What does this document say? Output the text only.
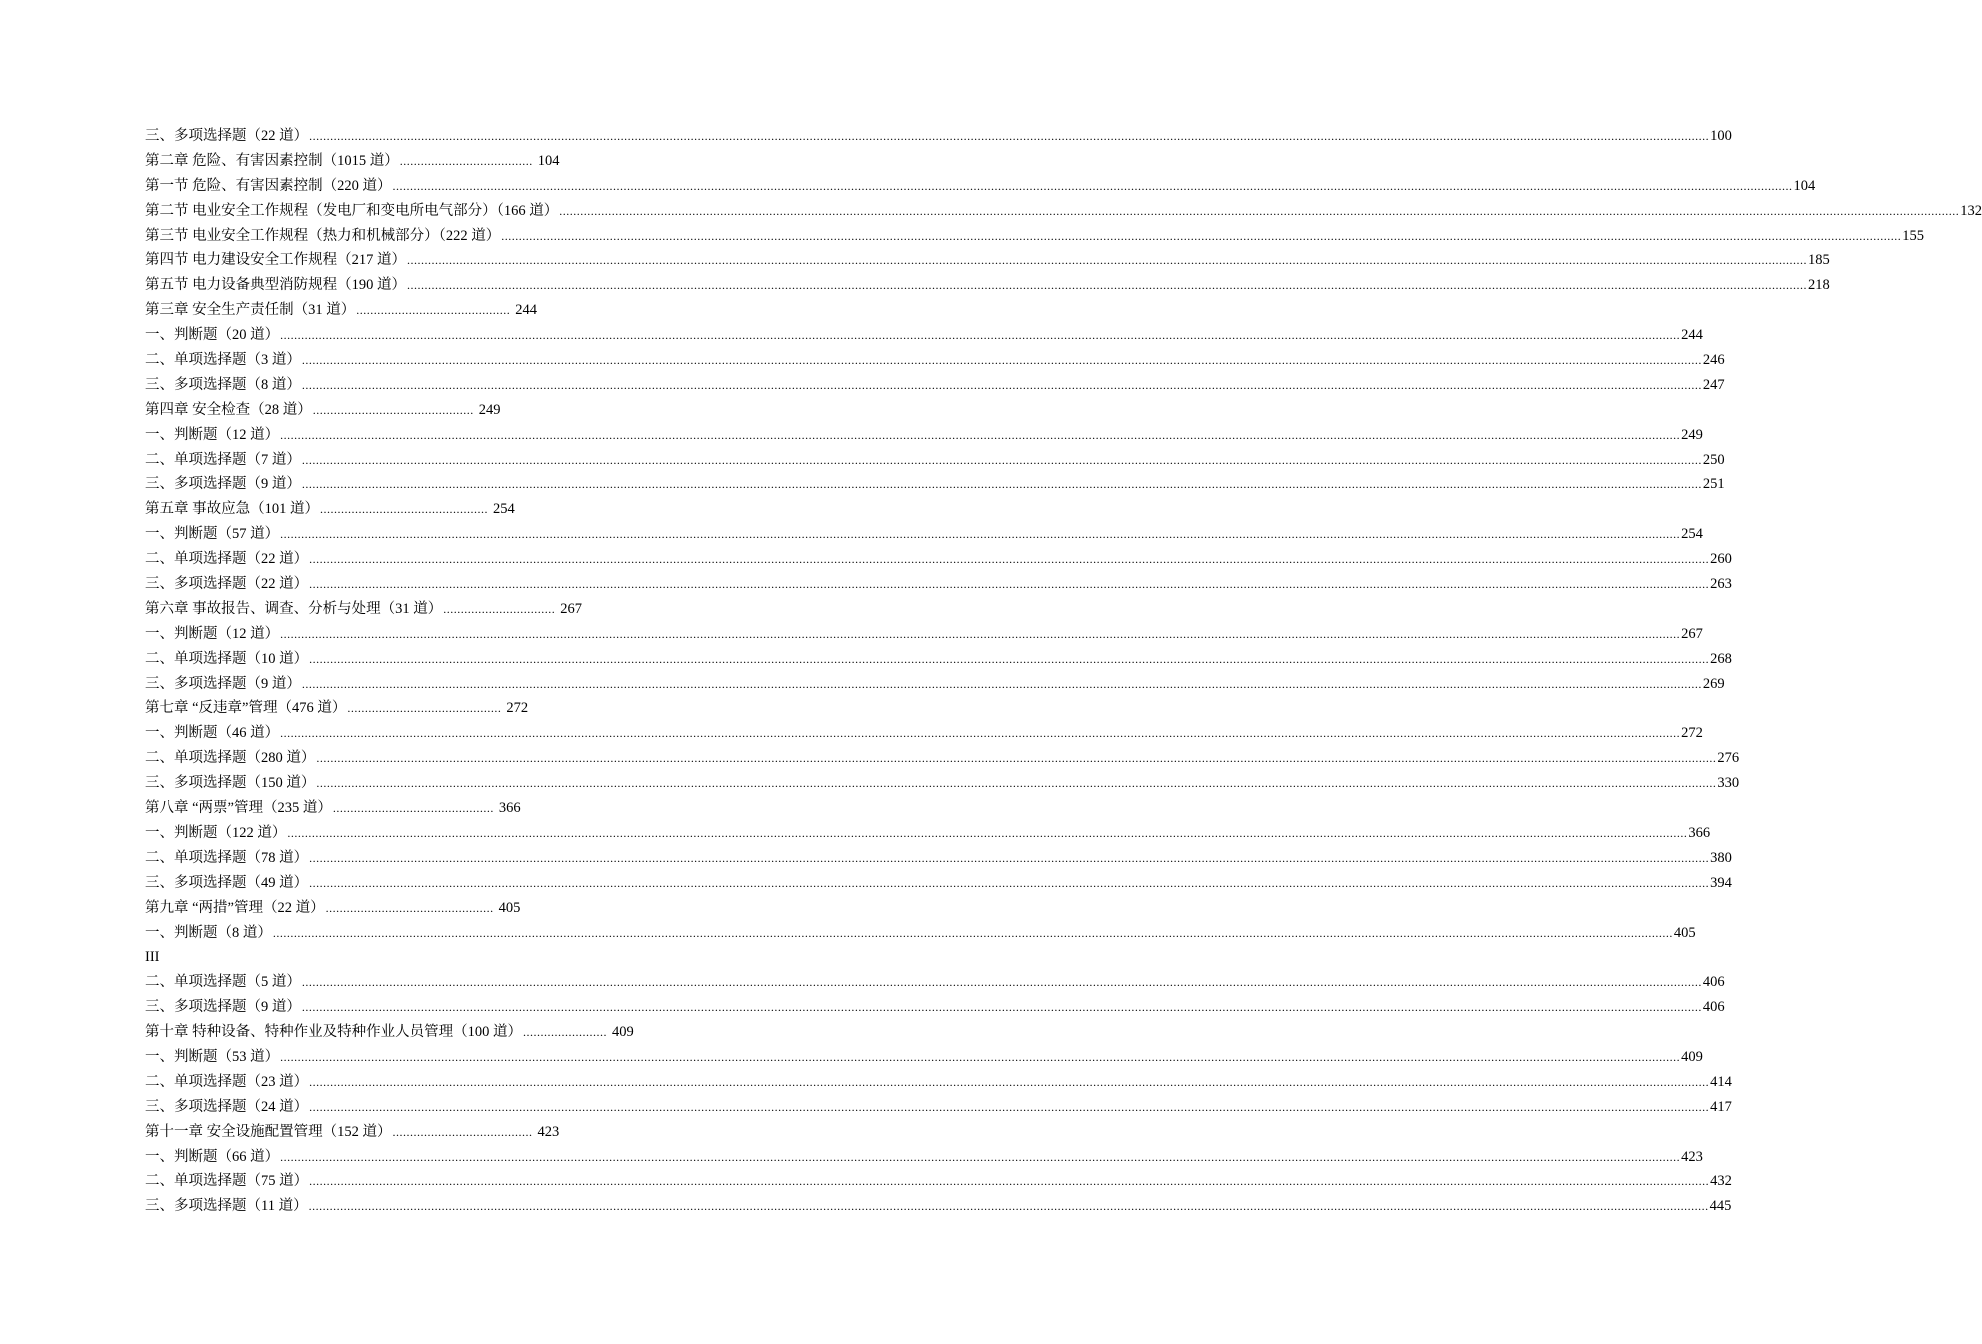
三、多项选择题（22 道） ................................................................................................................................................................................................................................................................................................................................................................................................................ 100
第二章 危险、有害因素控制（1015 道） ...................................... 104
第一节 危险、有害因素控制（220 道） ................................................................................................................................................................................................................................................................................................................................................................................................................ 104
第二节 电业安全工作规程（发电厂和变电所电气部分）（166 道） ................................................................................................................................................................................................................................................................................................................................................................................................................ 132
第三节 电业安全工作规程（热力和机械部分）（222 道） ................................................................................................................................................................................................................................................................................................................................................................................................................ 155
第四节 电力建设安全工作规程（217 道） ................................................................................................................................................................................................................................................................................................................................................................................................................ 185
第五节 电力设备典型消防规程（190 道） ................................................................................................................................................................................................................................................................................................................................................................................................................ 218
第三章 安全生产责任制（31 道） ............................................ 244
一、判断题（20 道） ................................................................................................................................................................................................................................................................................................................................................................................................................ 244
二、单项选择题（3 道） ................................................................................................................................................................................................................................................................................................................................................................................................................ 246
三、多项选择题（8 道） ................................................................................................................................................................................................................................................................................................................................................................................................................ 247
第四章 安全检查（28 道） .............................................. 249
一、判断题（12 道） ................................................................................................................................................................................................................................................................................................................................................................................................................ 249
二、单项选择题（7 道） ................................................................................................................................................................................................................................................................................................................................................................................................................ 250
三、多项选择题（9 道） ................................................................................................................................................................................................................................................................................................................................................................................................................ 251
第五章 事故应急（101 道） ................................................ 254
一、判断题（57 道） ................................................................................................................................................................................................................................................................................................................................................................................................................ 254
二、单项选择题（22 道） ................................................................................................................................................................................................................................................................................................................................................................................................................ 260
三、多项选择题（22 道） ................................................................................................................................................................................................................................................................................................................................................................................................................ 263
第六章 事故报告、调查、分析与处理（31 道） ................................ 267
一、判断题（12 道） ................................................................................................................................................................................................................................................................................................................................................................................................................ 267
二、单项选择题（10 道） ................................................................................................................................................................................................................................................................................................................................................................................................................ 268
三、多项选择题（9 道） ................................................................................................................................................................................................................................................................................................................................................................................................................ 269
第七章 “反违章”管理（476 道） ............................................ 272
一、判断题（46 道） ................................................................................................................................................................................................................................................................................................................................................................................................................ 272
二、单项选择题（280 道） ................................................................................................................................................................................................................................................................................................................................................................................................................ 276
三、多项选择题（150 道） ................................................................................................................................................................................................................................................................................................................................................................................................................ 330
第八章 “两票”管理（235 道） .............................................. 366
一、判断题（122 道） ................................................................................................................................................................................................................................................................................................................................................................................................................ 366
二、单项选择题（78 道） ................................................................................................................................................................................................................................................................................................................................................................................................................ 380
三、多项选择题（49 道） ................................................................................................................................................................................................................................................................................................................................................................................................................ 394
第九章 “两措”管理（22 道） ................................................ 405
一、判断题（8 道） ................................................................................................................................................................................................................................................................................................................................................................................................................ 405
III
二、单项选择题（5 道） ................................................................................................................................................................................................................................................................................................................................................................................................................ 406
三、多项选择题（9 道） ................................................................................................................................................................................................................................................................................................................................................................................................................ 406
第十章 特种设备、特种作业及特种作业人员管理（100 道） ........................ 409
一、判断题（53 道） ................................................................................................................................................................................................................................................................................................................................................................................................................ 409
二、单项选择题（23 道） ................................................................................................................................................................................................................................................................................................................................................................................................................ 414
三、多项选择题（24 道） ................................................................................................................................................................................................................................................................................................................................................................................................................ 417
第十一章 安全设施配置管理（152 道） ........................................ 423
一、判断题（66 道） ................................................................................................................................................................................................................................................................................................................................................................................................................ 423
二、单项选择题（75 道） ................................................................................................................................................................................................................................................................................................................................................................................................................ 432
三、多项选择题（11 道） ................................................................................................................................................................................................................................................................................................................................................................................................................ 445
